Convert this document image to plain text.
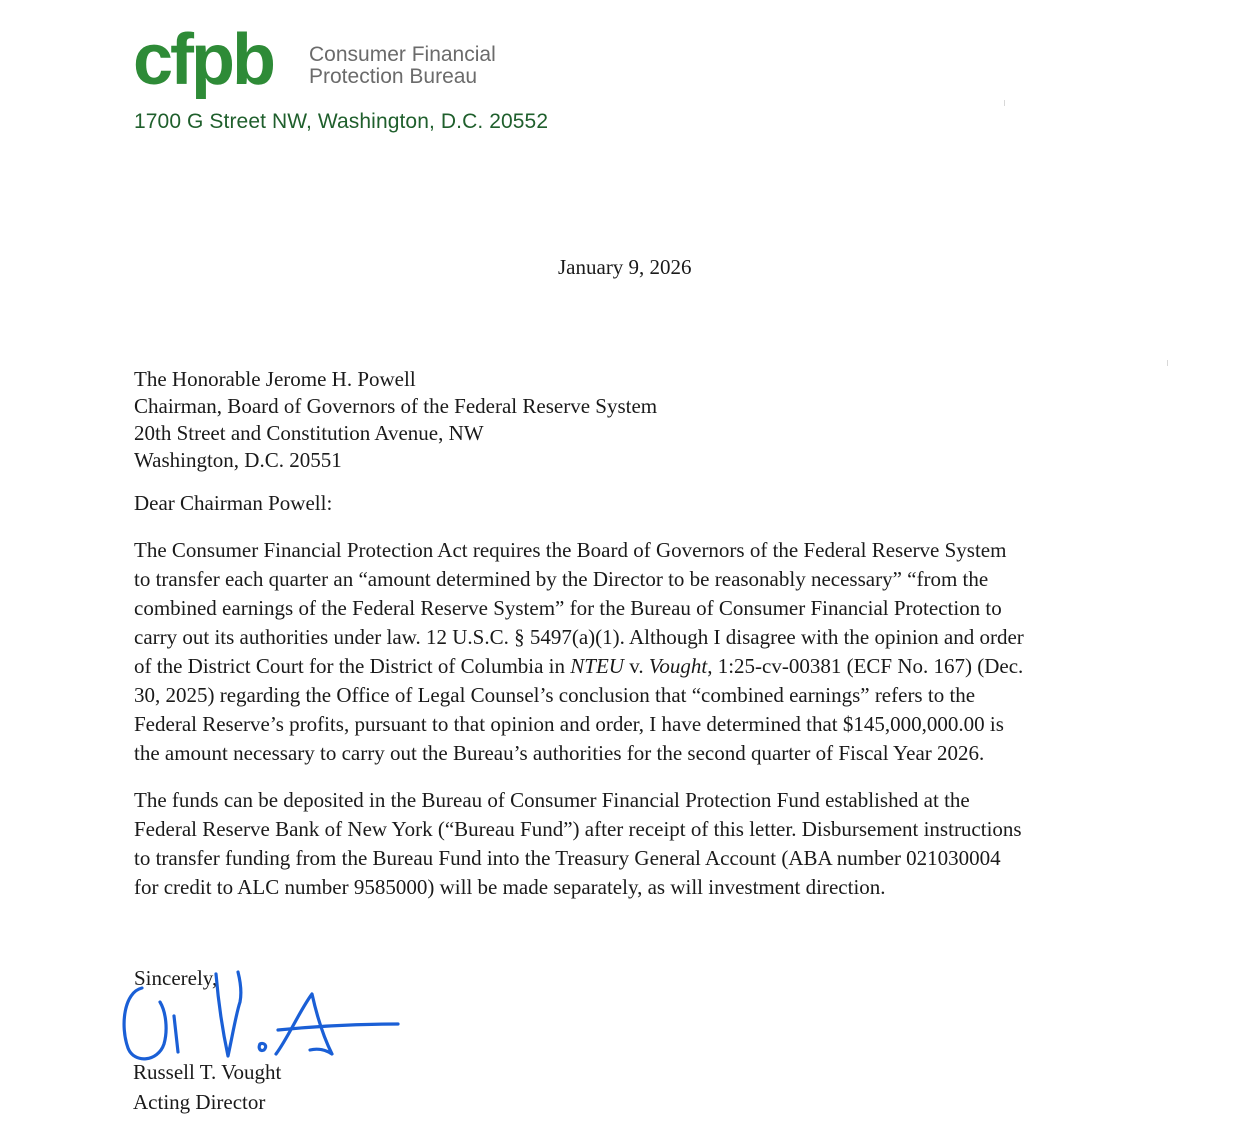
cfpb Consumer Financial
Protection Bureau
1700 G Street NW, Washington, D.C. 20552
January 9, 2026
The Honorable Jerome H. Powell
Chairman, Board of Governors of the Federal Reserve System
20th Street and Constitution Avenue, NW
Washington, D.C. 20551
Dear Chairman Powell:
The Consumer Financial Protection Act requires the Board of Governors of the Federal Reserve System
to transfer each quarter an “amount determined by the Director to be reasonably necessary” “from the
combined earnings of the Federal Reserve System” for the Bureau of Consumer Financial Protection to
carry out its authorities under law. 12 U.S.C. § 5497(a)(1). Although I disagree with the opinion and order
of the District Court for the District of Columbia in NTEU v. Vought, 1:25-cv-00381 (ECF No. 167) (Dec.
30, 2025) regarding the Office of Legal Counsel’s conclusion that “combined earnings” refers to the
Federal Reserve’s profits, pursuant to that opinion and order, I have determined that $145,000,000.00 is
the amount necessary to carry out the Bureau’s authorities for the second quarter of Fiscal Year 2026.
The funds can be deposited in the Bureau of Consumer Financial Protection Fund established at the
Federal Reserve Bank of New York (“Bureau Fund”) after receipt of this letter. Disbursement instructions
to transfer funding from the Bureau Fund into the Treasury General Account (ABA number 021030004
for credit to ALC number 9585000) will be made separately, as will investment direction.
Sincerely,
Russell T. Vought
Acting Director
